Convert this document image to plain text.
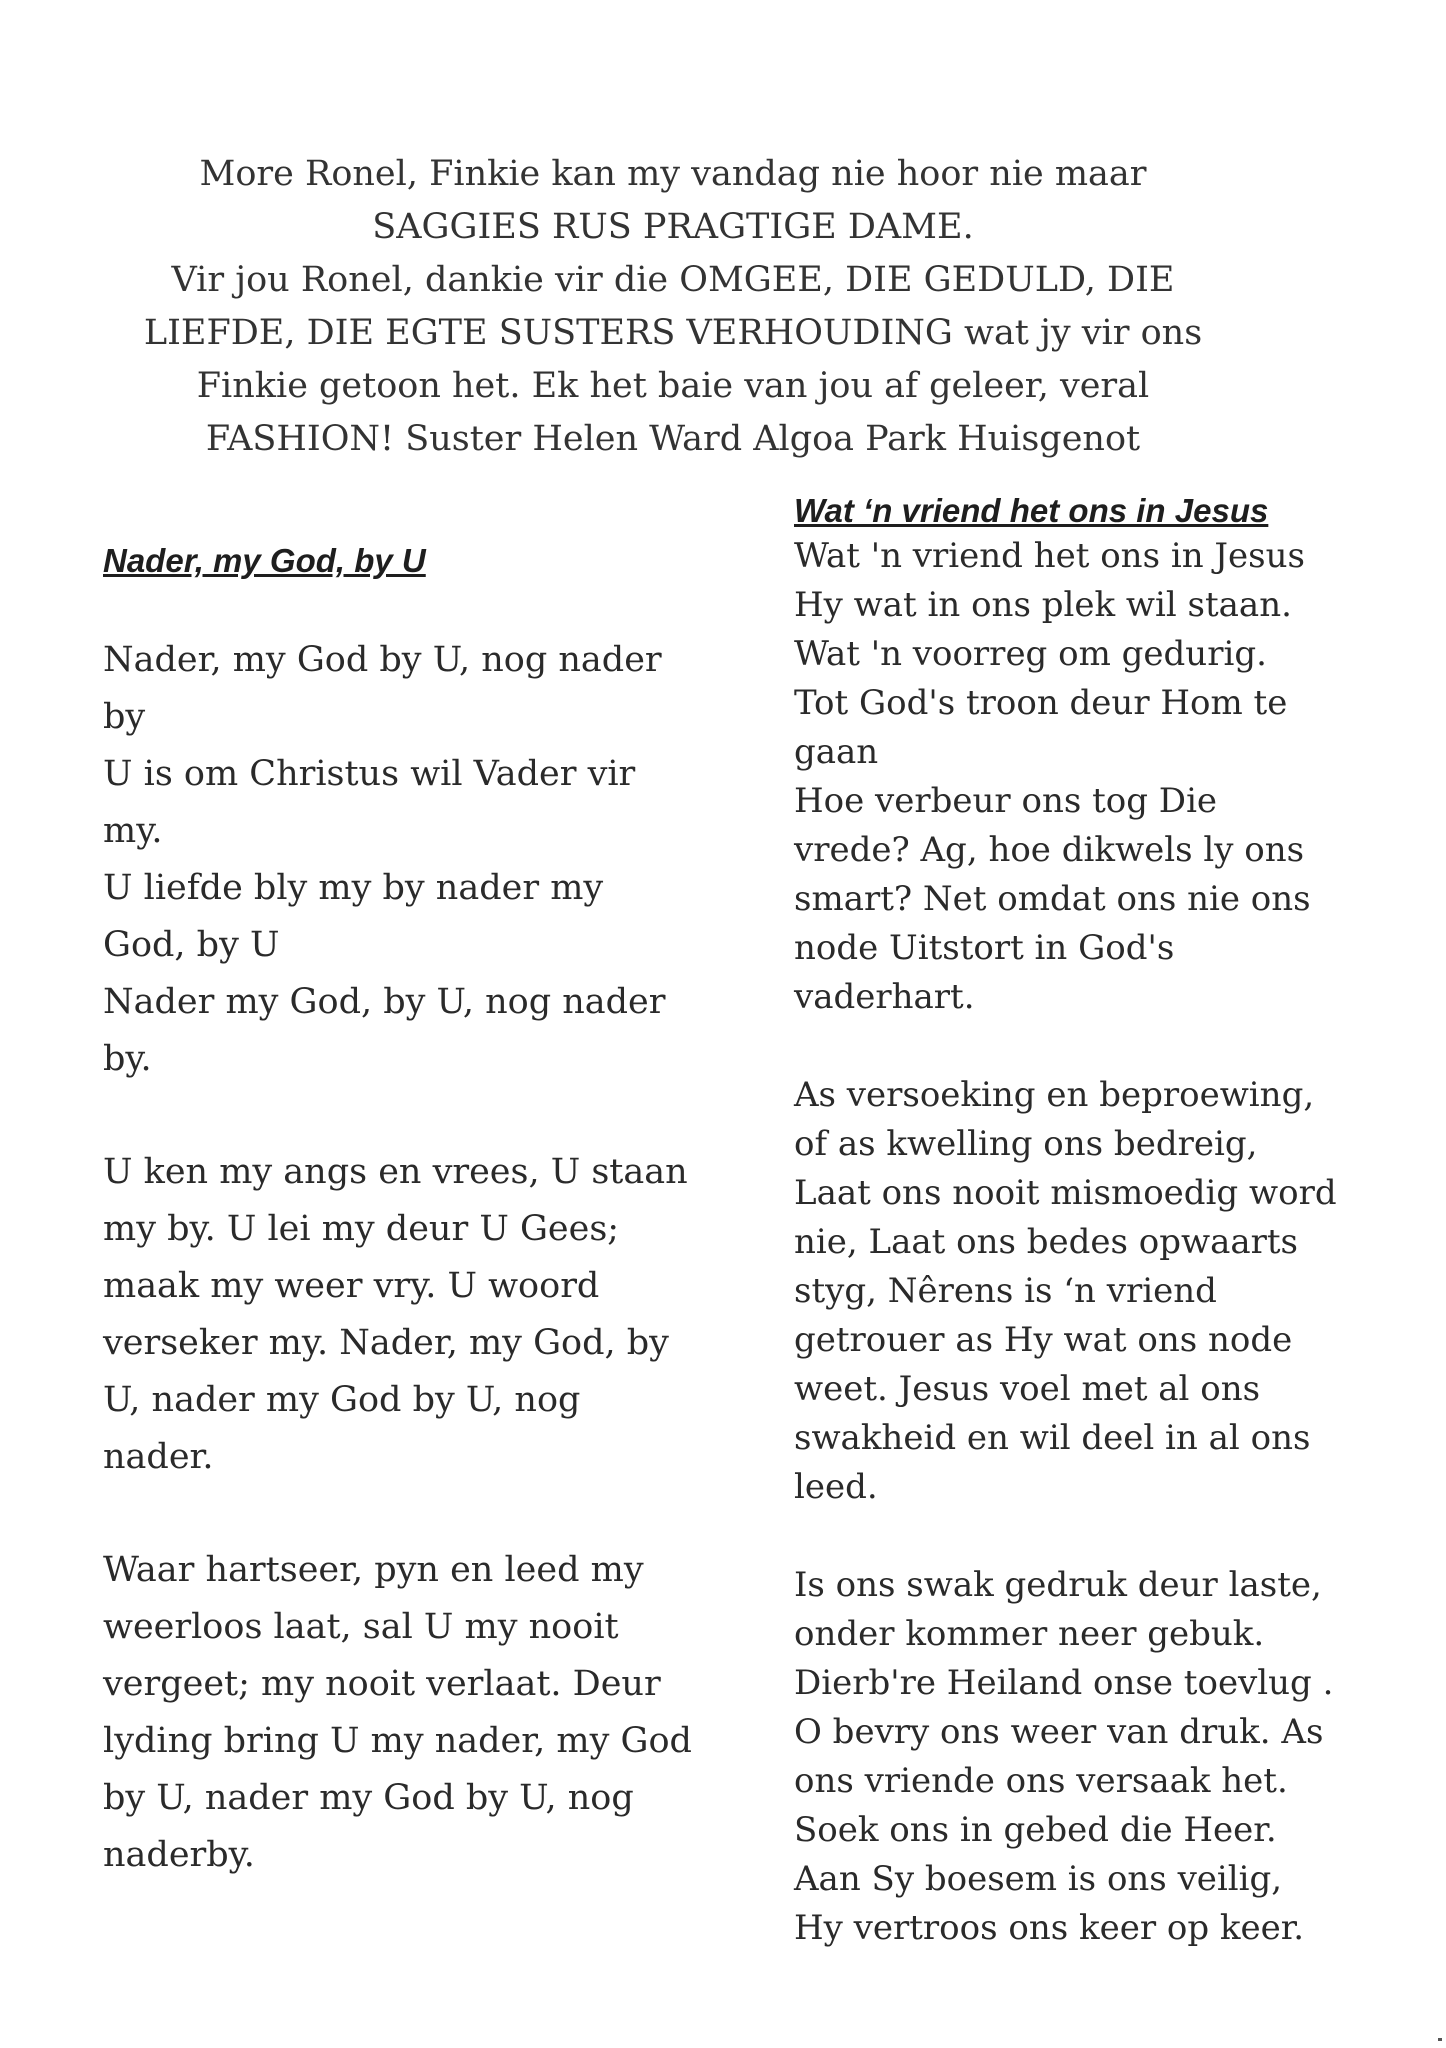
More Ronel, Finkie kan my vandag nie hoor nie maar
SAGGIES RUS PRAGTIGE DAME.
Vir jou Ronel, dankie vir die OMGEE, DIE GEDULD, DIE
LIEFDE, DIE EGTE SUSTERS VERHOUDING wat jy vir ons
Finkie getoon het. Ek het baie van jou af geleer, veral
FASHION! Suster Helen Ward Algoa Park Huisgenot
Nader, my God, by U

Nader, my God by U, nog nader
by
U is om Christus wil Vader vir
my.
U liefde bly my by nader my
God, by U
Nader my God, by U, nog nader
by.

U ken my angs en vrees, U staan
my by. U lei my deur U Gees;
maak my weer vry. U woord
verseker my. Nader, my God, by
U, nader my God by U, nog
nader.

Waar hartseer, pyn en leed my
weerloos laat, sal U my nooit
vergeet; my nooit verlaat. Deur
lyding bring U my nader, my God
by U, nader my God by U, nog
naderby.

Wat ‘n vriend het ons in Jesus

Wat 'n vriend het ons in Jesus
Hy wat in ons plek wil staan.
Wat 'n voorreg om gedurig.
Tot God's troon deur Hom te
gaan
Hoe verbeur ons tog Die
vrede? Ag, hoe dikwels ly ons
smart? Net omdat ons nie ons
node Uitstort in God's
vaderhart.

As versoeking en beproewing,
of as kwelling ons bedreig,
Laat ons nooit mismoedig word
nie, Laat ons bedes opwaarts
styg, Nêrens is ‘n vriend
getrouer as Hy wat ons node
weet. Jesus voel met al ons
swakheid en wil deel in al ons
leed.

Is ons swak gedruk deur laste,
onder kommer neer gebuk.
Dierb're Heiland onse toevlug .
O bevry ons weer van druk. As
ons vriende ons versaak het.
Soek ons in gebed die Heer.
Aan Sy boesem is ons veilig,
Hy vertroos ons keer op keer.
